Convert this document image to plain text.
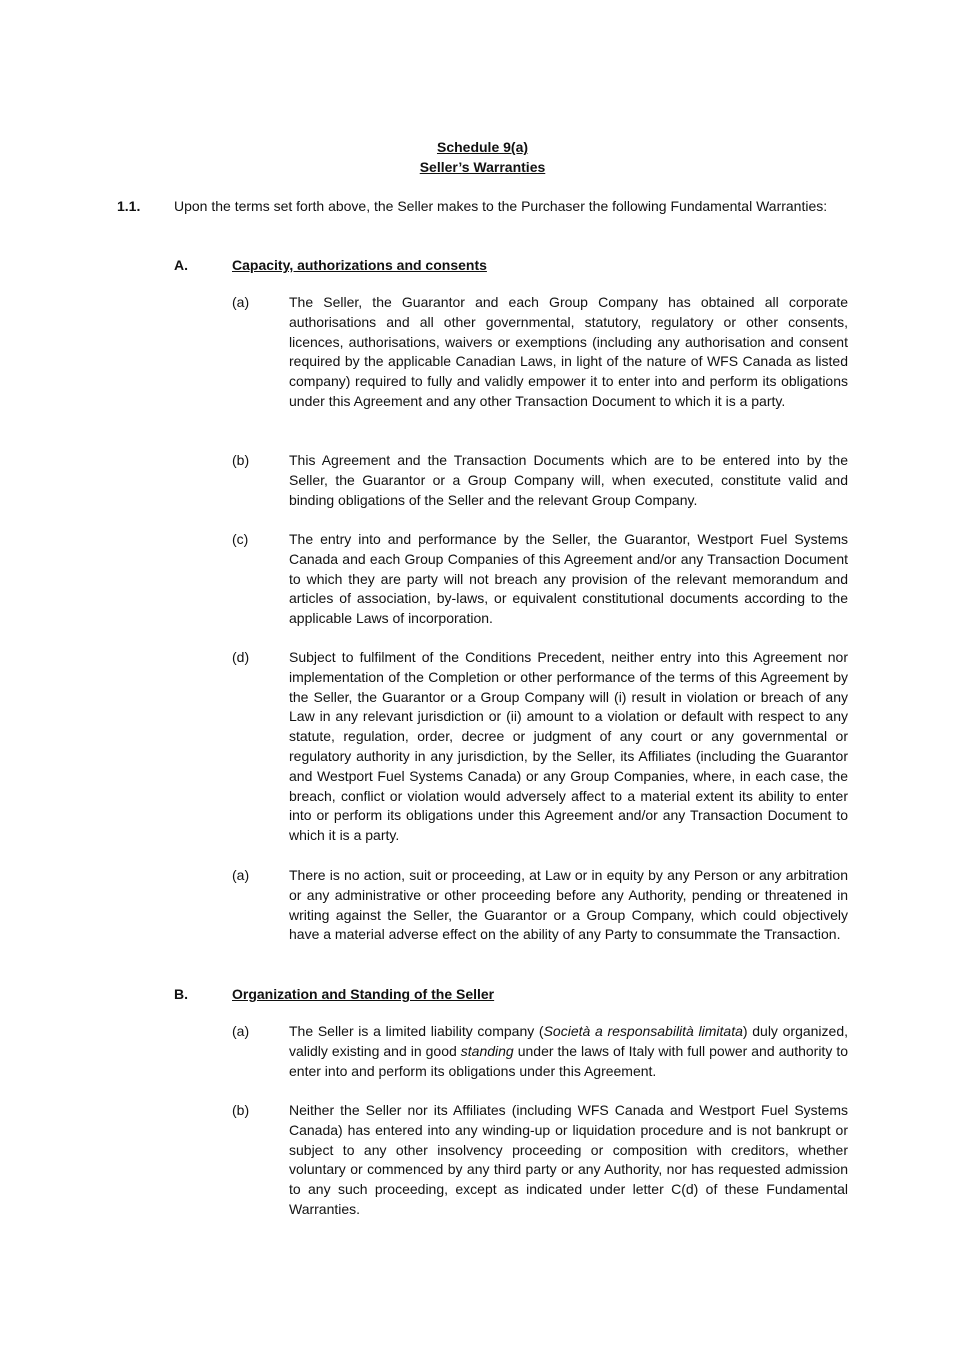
Schedule 9(a)
Seller’s Warranties
1.1. Upon the terms set forth above, the Seller makes to the Purchaser the following Fundamental Warranties:
A.	Capacity, authorizations and consents
(a)	The Seller, the Guarantor and each Group Company has obtained all corporate authorisations and all other governmental, statutory, regulatory or other consents, licences, authorisations, waivers or exemptions (including any authorisation and consent required by the applicable Canadian Laws, in light of the nature of WFS Canada as listed company) required to fully and validly empower it to enter into and perform its obligations under this Agreement and any other Transaction Document to which it is a party.
(b)	This Agreement and the Transaction Documents which are to be entered into by the Seller, the Guarantor or a Group Company will, when executed, constitute valid and binding obligations of the Seller and the relevant Group Company.
(c)	The entry into and performance by the Seller, the Guarantor, Westport Fuel Systems Canada and each Group Companies of this Agreement and/or any Transaction Document to which they are party will not breach any provision of the relevant memorandum and articles of association, by-laws, or equivalent constitutional documents according to the applicable Laws of incorporation.
(d)	Subject to fulfilment of the Conditions Precedent, neither entry into this Agreement nor implementation of the Completion or other performance of the terms of this Agreement by the Seller, the Guarantor or a Group Company will (i) result in violation or breach of any Law in any relevant jurisdiction or (ii) amount to a violation or default with respect to any statute, regulation, order, decree or judgment of any court or any governmental or regulatory authority in any jurisdiction, by the Seller, its Affiliates (including the Guarantor and Westport Fuel Systems Canada) or any Group Companies, where, in each case, the breach, conflict or violation would adversely affect to a material extent its ability to enter into or perform its obligations under this Agreement and/or any Transaction Document to which it is a party.
(a)	There is no action, suit or proceeding, at Law or in equity by any Person or any arbitration or any administrative or other proceeding before any Authority, pending or threatened in writing against the Seller, the Guarantor or a Group Company, which could objectively have a material adverse effect on the ability of any Party to consummate the Transaction.
B.	Organization and Standing of the Seller
(a)	The Seller is a limited liability company (Società a responsabilità limitata) duly organized, validly existing and in good standing under the laws of Italy with full power and authority to enter into and perform its obligations under this Agreement.
(b)	Neither the Seller nor its Affiliates (including WFS Canada and Westport Fuel Systems Canada) has entered into any winding-up or liquidation procedure and is not bankrupt or subject to any other insolvency proceeding or composition with creditors, whether voluntary or commenced by any third party or any Authority, nor has requested admission to any such proceeding, except as indicated under letter C(d) of these Fundamental Warranties.
